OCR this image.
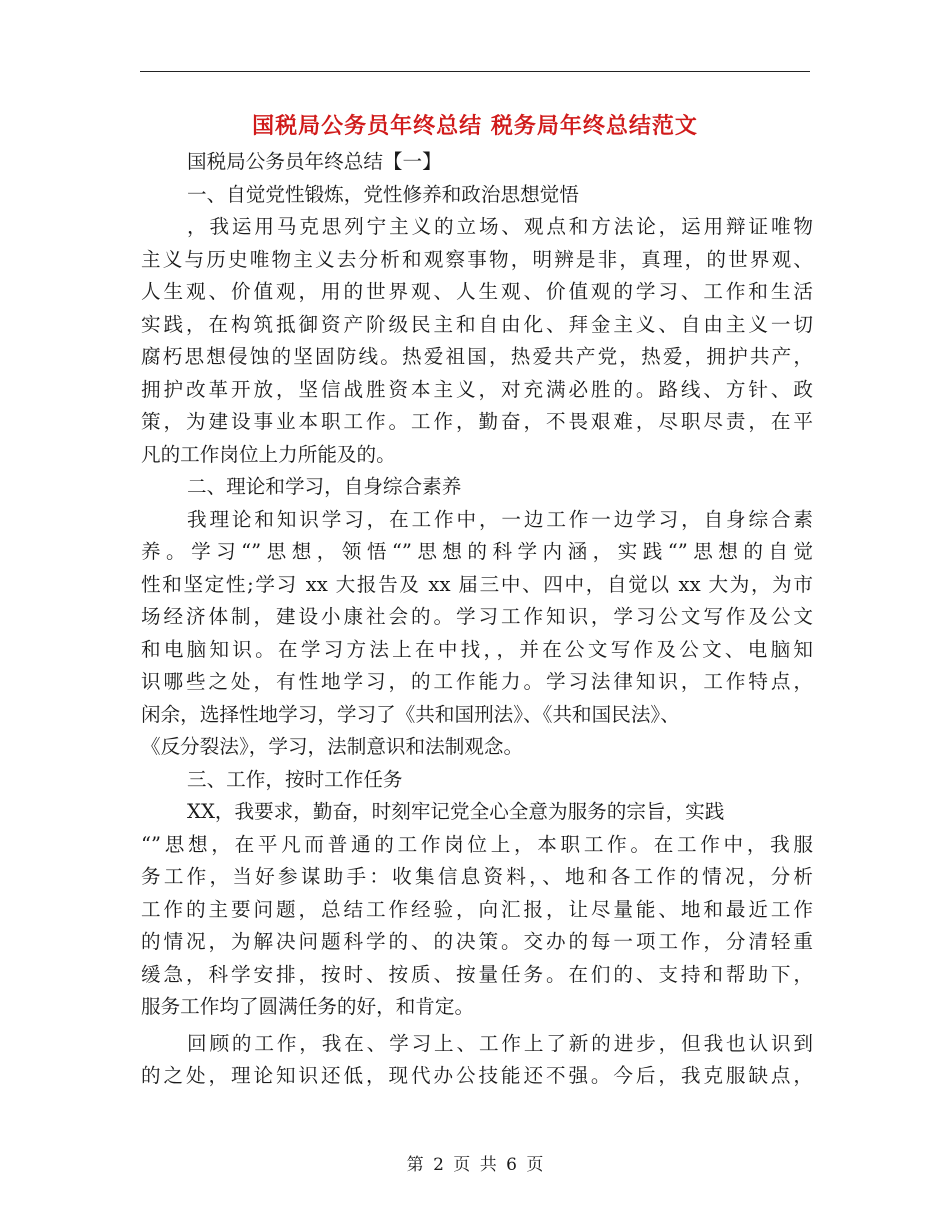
国税局公务员年终总结 税务局年终总结范文
国税局公务员年终总结【一】
一、自觉党性锻炼，党性修养和政治思想觉悟
，我运用马克思列宁主义的立场、观点和方法论，运用辩证唯物
主义与历史唯物主义去分析和观察事物，明辨是非，真理，的世界观、
人生观、价值观，用的世界观、人生观、价值观的学习、工作和生活
实践，在构筑抵御资产阶级民主和自由化、拜金主义、自由主义一切
腐朽思想侵蚀的坚固防线。热爱祖国，热爱共产党，热爱，拥护共产，
拥护改革开放，坚信战胜资本主义，对充满必胜的。路线、方针、政
策，为建设事业本职工作。工作，勤奋，不畏艰难，尽职尽责，在平
凡的工作岗位上力所能及的。
二、理论和学习，自身综合素养
我理论和知识学习，在工作中，一边工作一边学习，自身综合素
养。学习“”思想，领悟“”思想的科学内涵，实践“”思想的自觉
性和坚定性;学习 xx 大报告及 xx 届三中、四中，自觉以 xx 大为，为市
场经济体制，建设小康社会的。学习工作知识，学习公文写作及公文
和电脑知识。在学习方法上在中找，，并在公文写作及公文、电脑知
识哪些之处，有性地学习，的工作能力。学习法律知识，工作特点，
闲余，选择性地学习，学习了《共和国刑法》、《共和国民法》、
《反分裂法》，学习，法制意识和法制观念。
三、工作，按时工作任务
XX，我要求，勤奋，时刻牢记党全心全意为服务的宗旨，实践
“”思想，在平凡而普通的工作岗位上，本职工作。在工作中，我服
务工作，当好参谋助手：收集信息资料，、地和各工作的情况，分析
工作的主要问题，总结工作经验，向汇报，让尽量能、地和最近工作
的情况，为解决问题科学的、的决策。交办的每一项工作，分清轻重
缓急，科学安排，按时、按质、按量任务。在们的、支持和帮助下，
服务工作均了圆满任务的好，和肯定。
回顾的工作，我在、学习上、工作上了新的进步，但我也认识到
的之处，理论知识还低，现代办公技能还不强。今后，我克服缺点，
第 2 页 共 6 页
